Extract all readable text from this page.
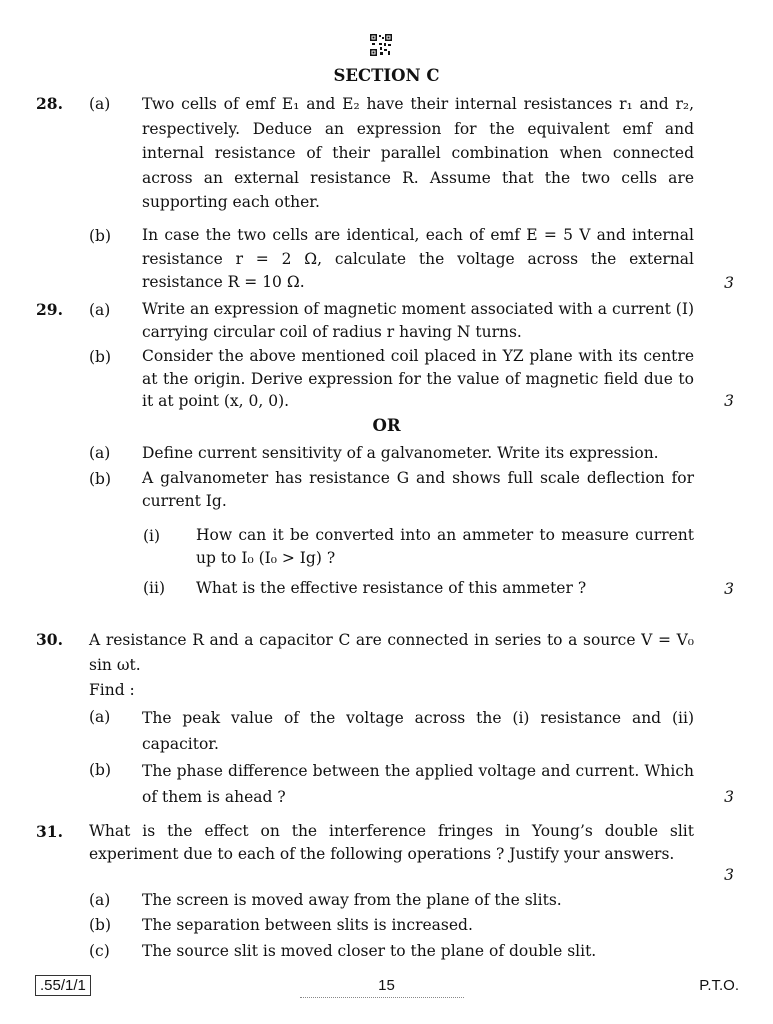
SECTION C
28. (a) Two cells of emf E₁ and E₂ have their internal resistances r₁ and r₂, respectively. Deduce an expression for the equivalent emf and internal resistance of their parallel combination when connected across an external resistance R. Assume that the two cells are supporting each other.
(b) In case the two cells are identical, each of emf E = 5 V and internal resistance r = 2 Ω, calculate the voltage across the external resistance R = 10 Ω.	3
29. (a) Write an expression of magnetic moment associated with a current (I) carrying circular coil of radius r having N turns.
(b) Consider the above mentioned coil placed in YZ plane with its centre at the origin. Derive expression for the value of magnetic field due to it at point (x, 0, 0).	3
OR
(a) Define current sensitivity of a galvanometer. Write its expression.
(b) A galvanometer has resistance G and shows full scale deflection for current Ig.
(i) How can it be converted into an ammeter to measure current up to I₀ (I₀ > Ig) ?
(ii) What is the effective resistance of this ammeter ?	3
30. A resistance R and a capacitor C are connected in series to a source V = V₀ sin ωt.
Find :
(a) The peak value of the voltage across the (i) resistance and (ii) capacitor.
(b) The phase difference between the applied voltage and current. Which of them is ahead ?	3
31. What is the effect on the interference fringes in Young’s double slit experiment due to each of the following operations ? Justify your answers.
3
(a) The screen is moved away from the plane of the slits.
(b) The separation between slits is increased.
(c) The source slit is moved closer to the plane of double slit.
.55/1/1	15	P.T.O.
